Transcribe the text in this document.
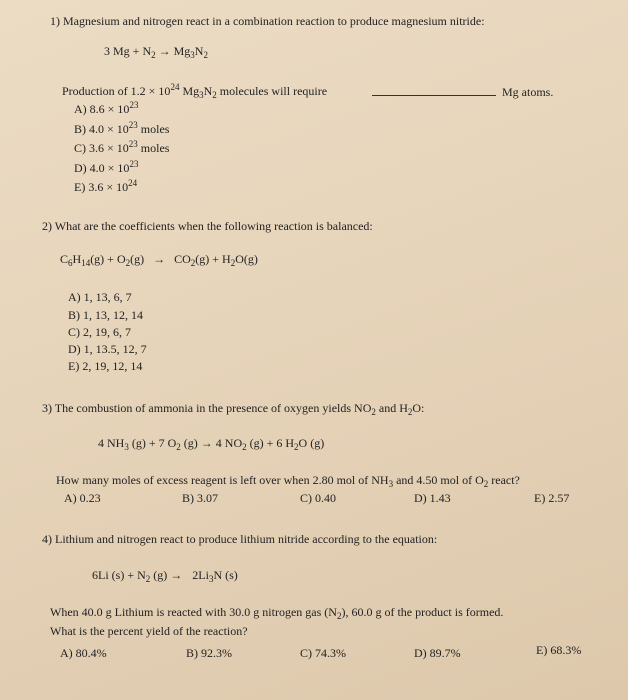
1) Magnesium and nitrogen react in a combination reaction to produce magnesium nitride:
3 $Mg + N_2 \to Mg_3N_2$
Production of $1.2 \times 10^{24}$ $Mg_3N_2$ molecules will require	Mg atoms.
A) $8.6 \times 10^{23}$
B) $4.0 \times 10^{23}$ moles
C) $3.6 \times 10^{23}$ moles
D) $4.0 \times 10^{23}$
E) $3.6 \times 10^{24}$
2) What are the coefficients when the following reaction is balanced:
$C_6H_{14}(g) + O_2(g) \to CO_2(g) + H_2O(g)$
A) 1, 13, 6, 7
B) 1, 13, 12, 14
C) 2, 19, 6, 7
D) 1, 13.5, 12, 7
E) 2, 19, 12, 14
3) The combustion of ammonia in the presence of oxygen yields $NO_2$ and $H_2O$:
4 $NH_3$ (g) + 7 $O_2$ (g) → 4 $NO_2$ (g) + 6 $H_2O$ (g)
How many moles of excess reagent is left over when 2.80 mol of $NH_3$ and 4.50 mol of $O_2$ react?
A) 0.23	B) 3.07	C) 0.40	D) 1.43	E) 2.57
4) Lithium and nitrogen react to produce lithium nitride according to the equation:
6Li $(s) + N_2$ $(g) \to 2Li_3N$ (s)
When 40.0 g Lithium is reacted with 30.0 g nitrogen gas $(N_2)$, 60.0 g of the product is formed.
What is the percent yield of the reaction?
A) 80.4%	B) 92.3%	C) 74.3%	D) 89.7%	E) 68.3%
